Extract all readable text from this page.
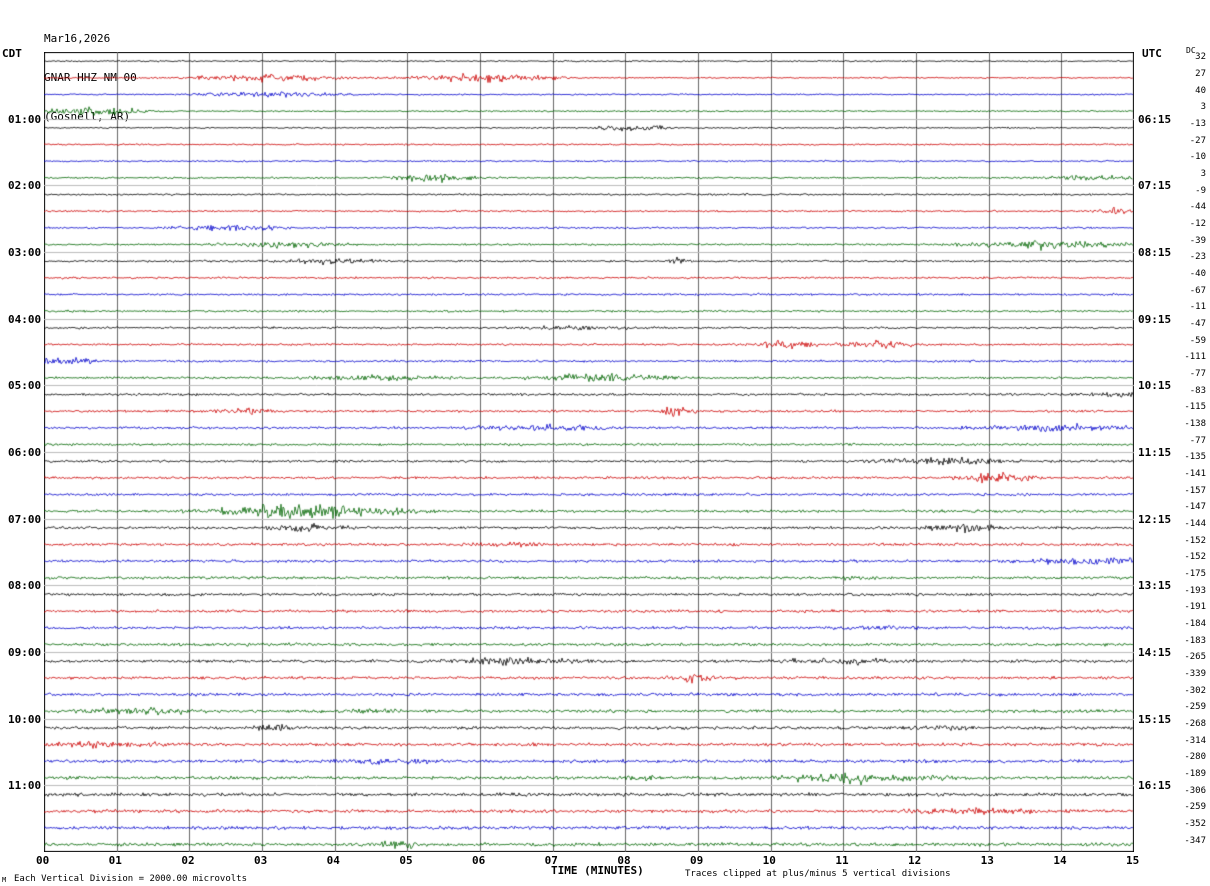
Mar16,2026

CDT	UTC	DC
01:00
02:00
03:00
04:00
05:00
06:00
07:00
08:00
09:00
10:00
11:00
06:15
07:15
08:15
09:15
10:15
11:15
12:15
13:15
14:15
15:15
16:15
32
27
40
3
-13
-27
-10
3
-9
-44
-12
-39
-23
-40
-67
-11
-47
-59
-111
-77
-83
-115
-138
-77
-135
-141
-157
-147
-144
-152
-152
-175
-193
-191
-184
-183
-265
-339
-302
-259
-268
-314
-280
-189
-306
-259
-352
-347
00	01	02	03	04	05	06	07	08	09	10	11	12	13	14	15
TIME (MINUTES)
Each Vertical Division = 2000.00 microvolts
M
Traces clipped at plus/minus 5 vertical divisions
